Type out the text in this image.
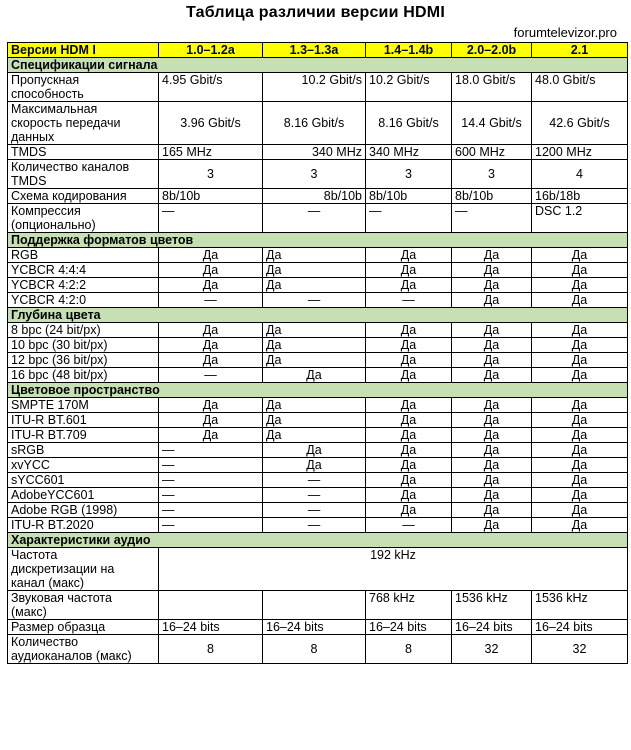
Таблица различии версии HDMI
forumtelevizor.pro
Версии HDM I	1.0–1.2a	1.3–1.3a	1.4–1.4b	2.0–2.0b	2.1
Спецификации сигнала					
Пропускная
способность	4.95 Gbit/s	10.2 Gbit/s	10.2 Gbit/s	18.0 Gbit/s	48.0 Gbit/s
Максимальная
скорость передачи
данных	3.96 Gbit/s	8.16 Gbit/s	8.16 Gbit/s	14.4 Gbit/s	42.6 Gbit/s
TMDS	165 MHz	340 MHz	340 MHz	600 MHz	1200 MHz
Количество каналов
TMDS	3	3	3	3	4
Схема кодирования	8b/10b	8b/10b	8b/10b	8b/10b	16b/18b
Компрессия
(опционально)	—	—	—	—	DSC 1.2
Поддержка форматов цветов					
RGB	Да	Да	Да	Да	Да
YCBCR 4:4:4	Да	Да	Да	Да	Да
YCBCR 4:2:2	Да	Да	Да	Да	Да
YCBCR 4:2:0	—	—	—	Да	Да
Глубина цвета					
8 bpc (24 bit/px)	Да	Да	Да	Да	Да
10 bpc (30 bit/px)	Да	Да	Да	Да	Да
12 bpc (36 bit/px)	Да	Да	Да	Да	Да
16 bpc (48 bit/px)	—	Да	Да	Да	Да
Цветовое пространство					
SMPTE 170M	Да	Да	Да	Да	Да
ITU-R BT.601	Да	Да	Да	Да	Да
ITU-R BT.709	Да	Да	Да	Да	Да
sRGB	—	Да	Да	Да	Да
xvYCC	—	Да	Да	Да	Да
sYCC601	—	—	Да	Да	Да
AdobeYCC601	—	—	Да	Да	Да
Adobe RGB (1998)	—	—	Да	Да	Да
ITU-R BT.2020	—	—	—	Да	Да
Характеристики аудио					
Частота
дискретизации на
канал (макс)	192 kHz				
Звуковая частота
(макс)			768 kHz	1536 kHz	1536 kHz
Размер образца	16–24 bits	16–24 bits	16–24 bits	16–24 bits	16–24 bits
Количество
аудиоканалов (макс)	8	8	8	32	32
